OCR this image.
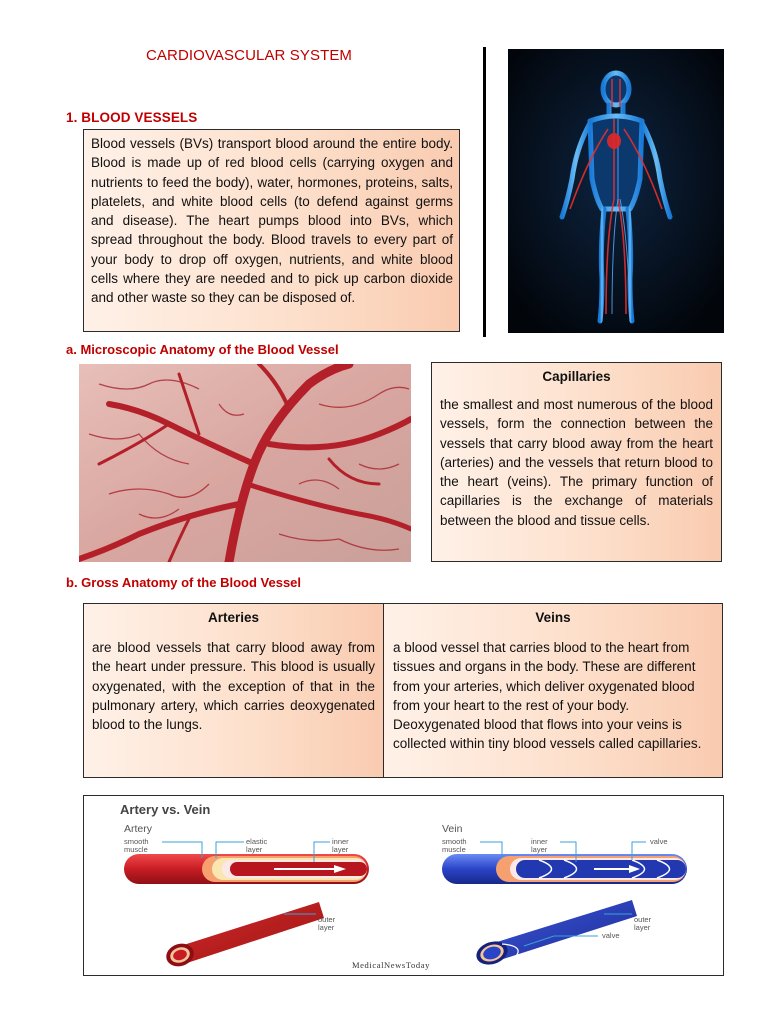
CARDIOVASCULAR SYSTEM
1. BLOOD VESSELS

Blood vessels (BVs) transport blood around the entire body. Blood is made up of red blood cells (carrying oxygen and nutrients to feed the body), water, hormones, proteins, salts, platelets, and white blood cells (to defend against germs and disease). The heart pumps blood into BVs, which spread throughout the body. Blood travels to every part of your body to drop off oxygen, nutrients, and white blood cells where they are needed and to pick up carbon dioxide and other waste so they can be disposed of.

a. Microscopic Anatomy of the Blood Vessel
Capillaries

the smallest and most numerous of the blood vessels, form the connection between the vessels that carry blood away from the heart (arteries) and the vessels that return blood to the heart (veins). The primary function of capillaries is the exchange of materials between the blood and tissue cells.

b. Gross Anatomy of the Blood Vessel
Arteries

are blood vessels that carry blood away from the heart under pressure. This blood is usually oxygenated, with the exception of that in the pulmonary artery, which carries deoxygenated blood to the lungs.

Veins

a blood vessel that carries blood to the heart from tissues and organs in the body. These are different from your arteries, which deliver oxygenated blood from your heart to the rest of your body. Deoxygenated blood that flows into your veins is collected within tiny blood vessels called capillaries.

Artery vs. Vein
Artery	Vein
smooth muscle
elastic layer
inner layer
smooth muscle
inner layer
valve
outer layer
outer layer
valve
MedicalNewsToday
